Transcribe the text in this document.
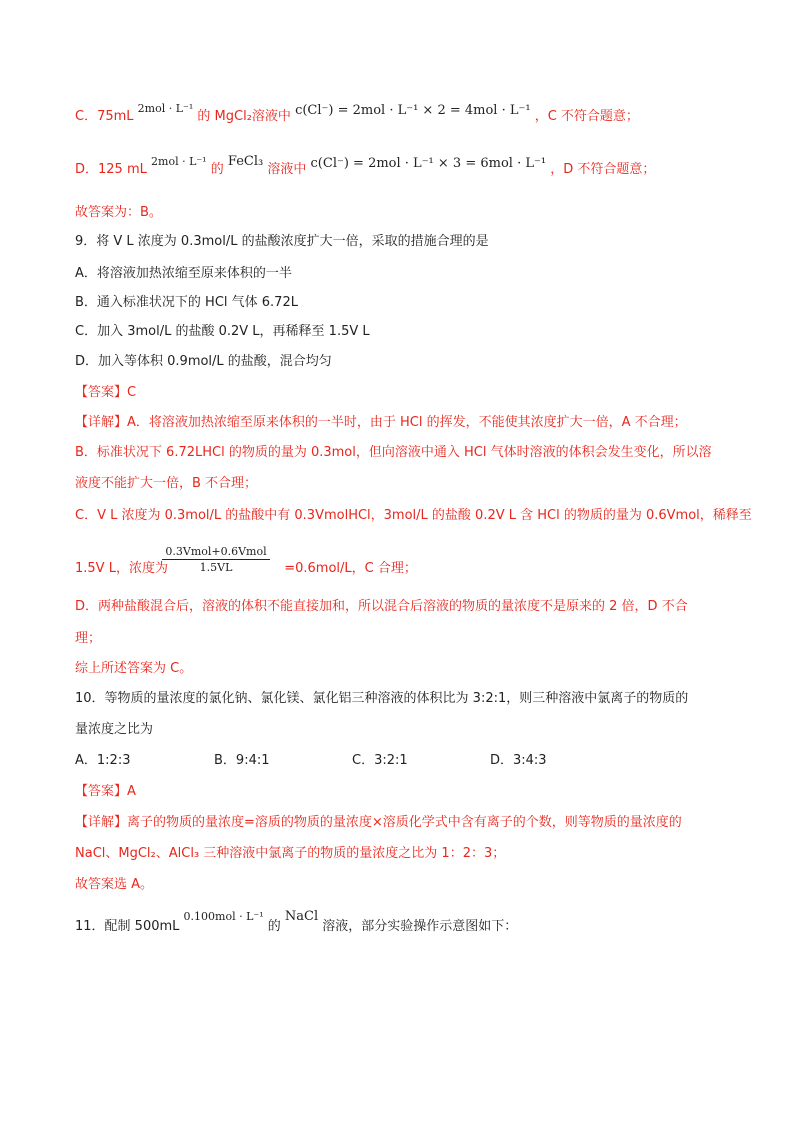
C．75mL $^{2mol \cdot L^{-1}}$ 的 MgCl₂溶液中 c(Cl⁻) = 2mol · L⁻¹ × 2 = 4mol · L⁻¹ ，C 不符合题意；
D．125 mL $^{2mol \cdot L^{-1}}$ 的 FeCl₃ 溶液中 c(Cl⁻) = 2mol · L⁻¹ × 3 = 6mol · L⁻¹ ，D 不符合题意；
故答案为：B。
9．将 V L 浓度为 0.3mol/L 的盐酸浓度扩大一倍，采取的措施合理的是
A．将溶液加热浓缩至原来体积的一半
B．通入标准状况下的 HCl 气体 6.72L
C．加入 3mol/L 的盐酸 0.2V L，再稀释至 1.5V L
D．加入等体积 0.9mol/L 的盐酸，混合均匀
【答案】C
【详解】A．将溶液加热浓缩至原来体积的一半时，由于 HCl 的挥发，不能使其浓度扩大一倍，A 不合理；
B．标准状况下 6.72LHCl 的物质的量为 0.3mol，但向溶液中通入 HCl 气体时溶液的体积会发生变化，所以溶
液度不能扩大一倍，B 不合理；
C．V L 浓度为 0.3mol/L 的盐酸中有 0.3VmolHCl，3mol/L 的盐酸 0.2V L 含 HCl 的物质的量为 0.6Vmol，稀释至
1.5V L，浓度为	=0.6mol/L，C 合理；
0.3Vmol+0.6Vmol
1.5VL
D．两种盐酸混合后，溶液的体积不能直接加和，所以混合后溶液的物质的量浓度不是原来的 2 倍，D 不合
理；
综上所述答案为 C。
10．等物质的量浓度的氯化钠、氯化镁、氯化铝三种溶液的体积比为 3:2:1，则三种溶液中氯离子的物质的
量浓度之比为
A．1:2:3	B．9:4:1	C．3:2:1	D．3:4:3
【答案】A
【详解】离子的物质的量浓度=溶质的物质的量浓度×溶质化学式中含有离子的个数，则等物质的量浓度的
NaCl、MgCl₂、AlCl₃ 三种溶液中氯离子的物质的量浓度之比为 1：2：3；
故答案选 A。
11．配制 500mL $^{0.100mol \cdot L^{-1}}$ 的 NaCl 溶液，部分实验操作示意图如下：
